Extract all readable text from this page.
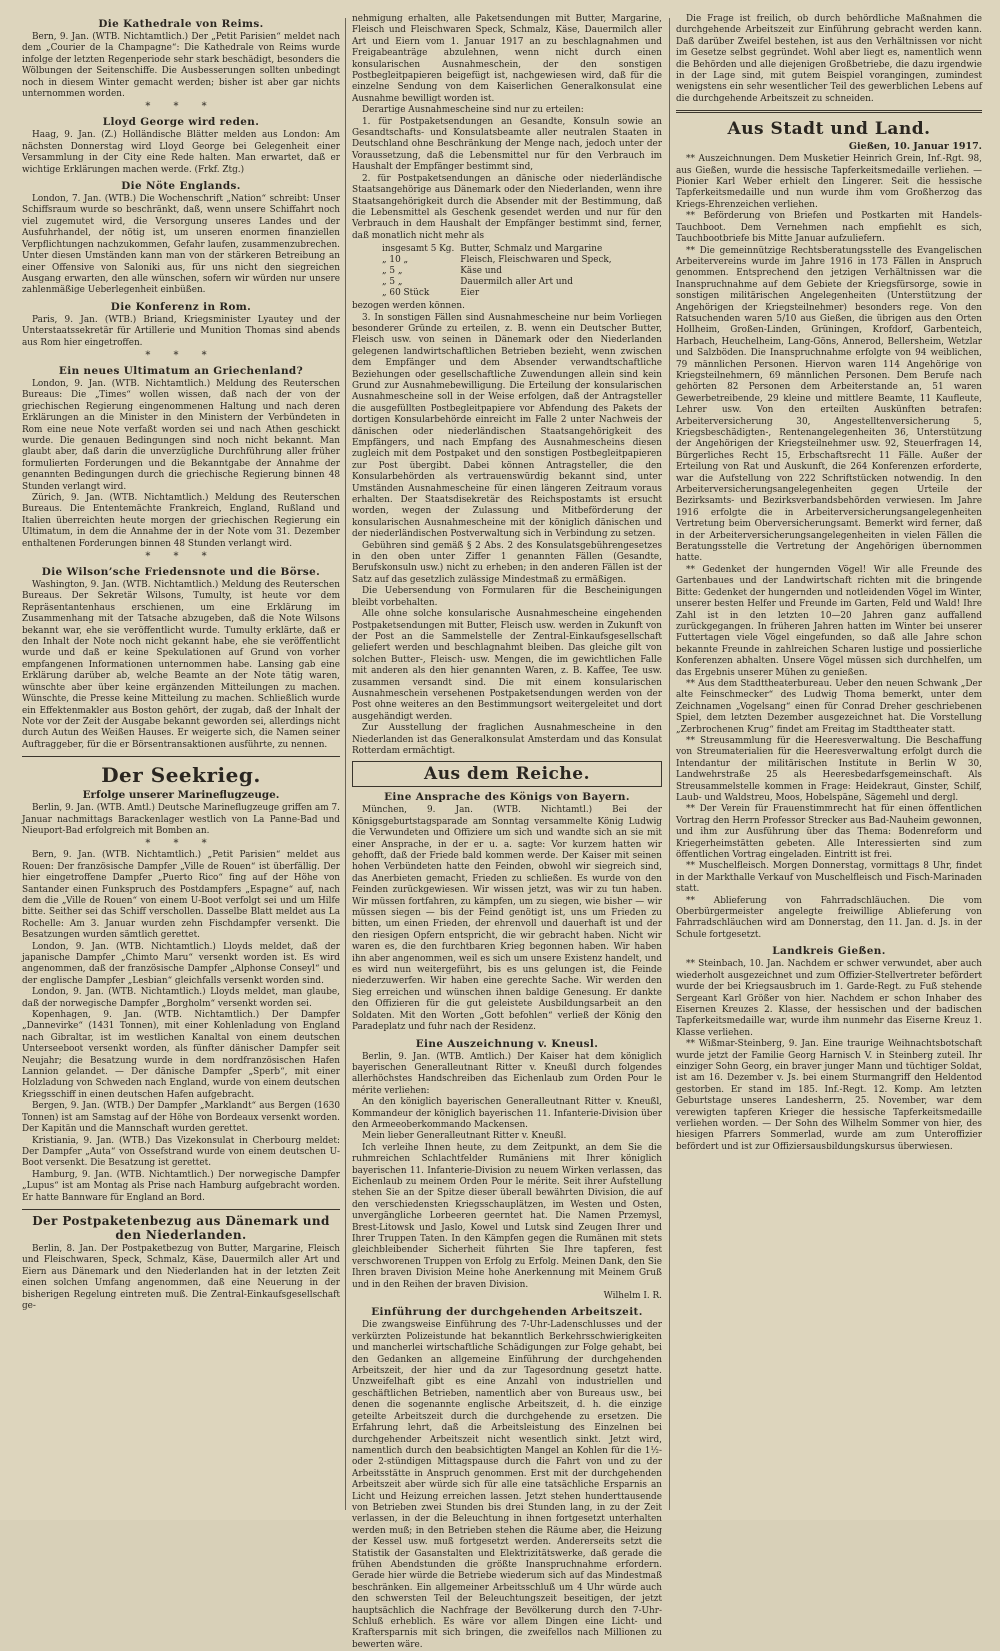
Die Kathedrale von Reims.

Bern, 9. Jan. (WTB. Nichtamtlich.) Der „Petit Parisien“ meldet nach dem „Courier de la Champagne“: Die Kathedrale von Reims wurde infolge der letzten Regenperiode sehr stark beschädigt, besonders die Wölbungen der Seitenschiffe. Die Ausbesserungen sollten unbedingt noch in diesem Winter gemacht werden; bisher ist aber gar nichts unternommen worden.

* * *
Lloyd George wird reden.

Haag, 9. Jan. (Z.) Holländische Blätter melden aus London: Am nächsten Donnerstag wird Lloyd George bei Gelegenheit einer Versammlung in der City eine Rede halten. Man erwartet, daß er wichtige Erklärungen machen werde. (Frkf. Ztg.)

Die Nöte Englands.

London, 7. Jan. (WTB.) Die Wochenschrift „Nation“ schreibt: Unser Schiffsraum wurde so beschränkt, daß, wenn unsere Schiffahrt noch viel zugemutet wird, die Versorgung unseres Landes und der Ausfuhrhandel, der nötig ist, um unseren enormen finanziellen Verpflichtungen nachzukommen, Gefahr laufen, zusammenzubrechen. Unter diesen Umständen kann man von der stärkeren Betreibung an einer Offensive von Saloniki aus, für uns nicht den siegreichen Ausgang erwarten, den alle wünschen, sofern wir würden nur unsere zahlenmäßige Ueberlegenheit einbüßen.

Die Konferenz in Rom.

Paris, 9. Jan. (WTB.) Briand, Kriegsminister Lyautey und der Unterstaatssekretär für Artillerie und Munition Thomas sind abends aus Rom hier eingetroffen.

* * *
Ein neues Ultimatum an Griechenland?

London, 9. Jan. (WTB. Nichtamtlich.) Meldung des Reuterschen Bureaus: Die „Times“ wollen wissen, daß nach der von der griechischen Regierung eingenommenen Haltung und nach deren Erklärungen an die Minister in den Ministern der Verbündeten in Rom eine neue Note verfaßt worden sei und nach Athen geschickt wurde. Die genauen Bedingungen sind noch nicht bekannt. Man glaubt aber, daß darin die unverzügliche Durchführung aller früher formulierten Forderungen und die Bekanntgabe der Annahme der genannten Bedingungen durch die griechische Regierung binnen 48 Stunden verlangt wird.

Zürich, 9. Jan. (WTB. Nichtamtlich.) Meldung des Reuterschen Bureaus. Die Ententemächte Frankreich, England, Rußland und Italien überreichten heute morgen der griechischen Regierung ein Ultimatum, in dem die Annahme der in der Note vom 31. Dezember enthaltenen Forderungen binnen 48 Stunden verlangt wird.

* * *
Die Wilson’sche Friedensnote und die Börse.

Washington, 9. Jan. (WTB. Nichtamtlich.) Meldung des Reuterschen Bureaus. Der Sekretär Wilsons, Tumulty, ist heute vor dem Repräsentantenhaus erschienen, um eine Erklärung im Zusammenhang mit der Tatsache abzugeben, daß die Note Wilsons bekannt war, ehe sie veröffentlicht wurde. Tumulty erklärte, daß er den Inhalt der Note noch nicht gekannt habe, ehe sie veröffentlicht wurde und daß er keine Spekulationen auf Grund von vorher empfangenen Informationen unternommen habe. Lansing gab eine Erklärung darüber ab, welche Beamte an der Note tätig waren, wünschte aber über keine ergänzenden Mitteilungen zu machen. Wünschte, die Presse keine Mitteilung zu machen. Schließlich wurde ein Effektenmakler aus Boston gehört, der zugab, daß der Inhalt der Note vor der Zeit der Ausgabe bekannt geworden sei, allerdings nicht durch Autun des Weißen Hauses. Er weigerte sich, die Namen seiner Auftraggeber, für die er Börsentransaktionen ausführte, zu nennen.

Der Seekrieg.
Erfolge unserer Marineflugzeuge.

Berlin, 9. Jan. (WTB. Amtl.) Deutsche Marineflugzeuge griffen am 7. Januar nachmittags Barackenlager westlich von La Panne-Bad und Nieuport-Bad erfolgreich mit Bomben an.

* * *

Bern, 9. Jan. (WTB. Nichtamtlich.) „Petit Parisien“ meldet aus Rouen: Der französische Dampfer „Ville de Rouen“ ist überfällig. Der hier eingetroffene Dampfer „Puerto Rico“ fing auf der Höhe von Santander einen Funkspruch des Postdampfers „Espagne“ auf, nach dem die „Ville de Rouen“ von einem U-Boot verfolgt sei und um Hilfe bitte. Seither sei das Schiff verschollen. Dasselbe Blatt meldet aus La Rochelle: Am 3. Januar wurden zehn Fischdampfer versenkt. Die Besatzungen wurden sämtlich gerettet.

London, 9. Jan. (WTB. Nichtamtlich.) Lloyds meldet, daß der japanische Dampfer „Chimto Maru“ versenkt worden ist. Es wird angenommen, daß der französische Dampfer „Alphonse Conseyl“ und der englische Dampfer „Lesbian“ gleichfalls versenkt worden sind.

London, 9. Jan. (WTB. Nichtamtlich.) Lloyds meldet, man glaube, daß der norwegische Dampfer „Borgholm“ versenkt worden sei.

Kopenhagen, 9. Jan. (WTB. Nichtamtlich.) Der Dampfer „Dannevirke“ (1431 Tonnen), mit einer Kohlenladung von England nach Gibraltar, ist im westlichen Kanaltal von einem deutschen Unterseeboot versenkt worden, als fünfter dänischer Dampfer seit Neujahr; die Besatzung wurde in dem nordfranzösischen Hafen Lannion gelandet. — Der dänische Dampfer „Sperb“, mit einer Holzladung von Schweden nach England, wurde von einem deutschen Kriegsschiff in einen deutschen Hafen aufgebracht.

Bergen, 9. Jan. (WTB.) Der Dampfer „Marklandt“ aus Bergen (1630 Tonnen) ist am Samstag auf der Höhe von Bordeaux versenkt worden. Der Kapitän und die Mannschaft wurden gerettet.

Kristiania, 9. Jan. (WTB.) Das Vizekonsulat in Cherbourg meldet: Der Dampfer „Auta“ von Ossefstrand wurde von einem deutschen U-Boot versenkt. Die Besatzung ist gerettet.

Hamburg, 9. Jan. (WTB. Nichtamtlich.) Der norwegische Dampfer „Lupus“ ist am Montag als Prise nach Hamburg aufgebracht worden. Er hatte Bannware für England an Bord.

Der Postpaketenbezug aus Dänemark und den Niederlanden.

Berlin, 8. Jan. Der Postpaketbezug von Butter, Margarine, Fleisch und Fleischwaren, Speck, Schmalz, Käse, Dauermilch aller Art und Eiern aus Dänemark und den Niederlanden hat in der letzten Zeit einen solchen Umfang angenommen, daß eine Neuerung in der bisherigen Regelung eintreten muß. Die Zentral-Einkaufsgesellschaft ge-

nehmigung erhalten, alle Paketsendungen mit Butter, Margarine, Fleisch und Fleischwaren Speck, Schmalz, Käse, Dauermilch aller Art und Eiern vom 1. Januar 1917 an zu beschlagnahmen und Freigabeanträge abzulehnen, wenn nicht durch einen konsularischen Ausnahmeschein, der den sonstigen Postbegleitpapieren beigefügt ist, nachgewiesen wird, daß für die einzelne Sendung von dem Kaiserlichen Generalkonsulat eine Ausnahme bewilligt worden ist.

Derartige Ausnahmescheine sind nur zu erteilen:

1. für Postpaketsendungen an Gesandte, Konsuln sowie an Gesandtschafts- und Konsulatsbeamte aller neutralen Staaten in Deutschland ohne Beschränkung der Menge nach, jedoch unter der Voraussetzung, daß die Lebensmittel nur für den Verbrauch im Haushalt der Empfänger bestimmt sind,

2. für Postpaketsendungen an dänische oder niederländische Staatsangehörige aus Dänemark oder den Niederlanden, wenn ihre Staatsangehörigkeit durch die Absender mit der Bestimmung, daß die Lebensmittel als Geschenk gesendet werden und nur für den Verbrauch in dem Haushalt der Empfänger bestimmt sind, ferner, daß monatlich nicht mehr als

insgesamt 5 Kg.	Butter, Schmalz und Margarine
„ 10 „	Fleisch, Fleischwaren und Speck,
„ 5 „	Käse und
„ 5 „	Dauermilch aller Art und
„ 60 Stück	Eier

bezogen werden können.

3. In sonstigen Fällen sind Ausnahmescheine nur beim Vorliegen besonderer Gründe zu erteilen, z. B. wenn ein Deutscher Butter, Fleisch usw. von seinen in Dänemark oder den Niederlanden gelegenen landwirtschaftlichen Betrieben bezieht, wenn zwischen dem Empfänger und dem Absender verwandtschaftliche Beziehungen oder gesellschaftliche Zuwendungen allein sind kein Grund zur Ausnahmebewilligung. Die Erteilung der konsularischen Ausnahmescheine soll in der Weise erfolgen, daß der Antragsteller die ausgefüllten Postbegleitpapiere vor Abfendung des Pakets der dortigen Konsularbehörde einreicht im Falle 2 unter Nachweis der dänischen oder niederländischen Staatsangehörigkeit des Empfängers, und nach Empfang des Ausnahmescheins diesen zugleich mit dem Postpaket und den sonstigen Postbegleitpapieren zur Post übergibt. Dabei können Antragsteller, die den Konsularbehörden als vertrauenswürdig bekannt sind, unter Umständen Ausnahmescheine für einen längeren Zeitraum voraus erhalten. Der Staatsdisekretär des Reichspostamts ist ersucht worden, wegen der Zulassung und Mitbeförderung der konsularischen Ausnahmescheine mit der königlich dänischen und der niederländischen Postverwaltung sich in Verbindung zu setzen.

Gebühren sind gemäß § 2 Abs. 2 des Konsulatsgebührengesetzes in den oben unter Ziffer 1 genannten Fällen (Gesandte, Berufskonsuln usw.) nicht zu erheben; in den anderen Fällen ist der Satz auf das gesetzlich zulässige Mindestmaß zu ermäßigen.

Die Uebersendung von Formularen für die Bescheinigungen bleibt vorbehalten.

Alle ohne solche konsularische Ausnahmescheine eingehenden Postpaketsendungen mit Butter, Fleisch usw. werden in Zukunft von der Post an die Sammelstelle der Zentral-Einkaufsgesellschaft geliefert werden und beschlagnahmt bleiben. Das gleiche gilt von solchen Butter-, Fleisch- usw. Mengen, die im gewichtlichen Falle mit anderen als den hier genannten Waren, z. B. Kaffee, Tee usw. zusammen versandt sind. Die mit einem konsularischen Ausnahmeschein versehenen Postpaketsendungen werden von der Post ohne weiteres an den Bestimmungsort weitergeleitet und dort ausgehändigt werden.

Zur Ausstellung der fraglichen Ausnahmescheine in den Niederlanden ist das Generalkonsulat Amsterdam und das Konsulat Rotterdam ermächtigt.

Aus dem Reiche.
Eine Ansprache des Königs von Bayern.

München, 9. Jan. (WTB. Nichtamtl.) Bei der Königsgeburtstagsparade am Sonntag versammelte König Ludwig die Verwundeten und Offiziere um sich und wandte sich an sie mit einer Ansprache, in der er u. a. sagte: Vor kurzem hatten wir gehofft, daß der Friede bald kommen werde. Der Kaiser mit seinen hohen Verbündeten hatte den Feinden, obwohl wir siegreich sind, das Anerbieten gemacht, Frieden zu schließen. Es wurde von den Feinden zurückgewiesen. Wir wissen jetzt, was wir zu tun haben. Wir müssen fortfahren, zu kämpfen, um zu siegen, wie bisher — wir müssen siegen — bis der Feind genötigt ist, uns um Frieden zu bitten, um einen Frieden, der ehrenvoll und dauerhaft ist und der den riesigen Opfern entspricht, die wir gebracht haben. Nicht wir waren es, die den furchtbaren Krieg begonnen haben. Wir haben ihn aber angenommen, weil es sich um unsere Existenz handelt, und es wird nun weitergeführt, bis es uns gelungen ist, die Feinde niederzuwerfen. Wir haben eine gerechte Sache. Wir werden den Sieg erreichen und wünschen ihnen baldige Genesung. Er dankte den Offizieren für die gut geleistete Ausbildungsarbeit an den Soldaten. Mit den Worten „Gott befohlen“ verließ der König den Paradeplatz und fuhr nach der Residenz.

Eine Auszeichnung v. Kneusl.

Berlin, 9. Jan. (WTB. Amtlich.) Der Kaiser hat dem königlich bayerischen Generalleutnant Ritter v. Kneußl durch folgendes allerhöchstes Handschreiben das Eichenlaub zum Orden Pour le mérite verliehen:

An den königlich bayerischen Generalleutnant Ritter v. Kneußl, Kommandeur der königlich bayerischen 11. Infanterie-Division über den Armeeoberkommando Mackensen.

Mein lieber Generalleutnant Ritter v. Kneußl.

Ich verleihe Ihnen heute, zu dem Zeitpunkt, an dem Sie die ruhmreichen Schlachtfelder Rumäniens mit Ihrer königlich bayerischen 11. Infanterie-Division zu neuem Wirken verlassen, das Eichenlaub zu meinem Orden Pour le mérite. Seit ihrer Aufstellung stehen Sie an der Spitze dieser überall bewährten Division, die auf den verschiedensten Kriegsschauplätzen, im Westen und Osten, unvergängliche Lorbeeren geerntet hat. Die Namen Przemysl, Brest-Litowsk und Jaslo, Kowel und Lutsk sind Zeugen Ihrer und Ihrer Truppen Taten. In den Kämpfen gegen die Rumänen mit stets gleichbleibender Sicherheit führten Sie Ihre tapferen, fest verschworenen Truppen von Erfolg zu Erfolg. Meinen Dank, den Sie Ihren braven Division Meine hohe Anerkennung mit Meinem Gruß und in den Reihen der braven Division.

Wilhelm I. R.

Einführung der durchgehenden Arbeitszeit.

Die zwangsweise Einführung des 7-Uhr-Ladenschlusses und der verkürzten Polizeistunde hat bekanntlich Berkehrsschwierigkeiten und mancherlei wirtschaftliche Schädigungen zur Folge gehabt, bei den Gedanken an allgemeine Einführung der durchgehenden Arbeitszeit, der hier und da zur Tagesordnung gesetzt hatte. Unzweifelhaft gibt es eine Anzahl von industriellen und geschäftlichen Betrieben, namentlich aber von Bureaus usw., bei denen die sogenannte englische Arbeitszeit, d. h. die einzige geteilte Arbeitszeit durch die durchgehende zu ersetzen. Die Erfahrung lehrt, daß die Arbeitsleistung des Einzelnen bei durchgehender Arbeitszeit nicht wesentlich sinkt. Jetzt wird, namentlich durch den beabsichtigten Mangel an Kohlen für die 1½- oder 2-stündigen Mittagspause durch die Fahrt von und zu der Arbeitsstätte in Anspruch genommen. Erst mit der durchgehenden Arbeitszeit aber würde sich für alle eine tatsächliche Ersparnis an Licht und Heizung erreichen lassen. Jetzt stehen hunderttausende von Betrieben zwei Stunden bis drei Stunden lang, in zu der Zeit verlassen, in der die Beleuchtung in ihnen fortgesetzt unterhalten werden muß; in den Betrieben stehen die Räume aber, die Heizung der Kessel usw. muß fortgesetzt werden. Andererseits setzt die Statistik der Gasanstalten und Elektrizitätswerke, daß gerade die frühen Abendstunden die größte Inanspruchnahme erfordern. Gerade hier würde die Betriebe wiederum sich auf das Mindestmaß beschränken. Ein allgemeiner Arbeitsschluß um 4 Uhr würde auch den schwersten Teil der Beleuchtungszeit beseitigen, der jetzt hauptsächlich die Nachfrage der Bevölkerung durch den 7-Uhr-Schluß erheblich. Es wäre vor allem Dingen eine Licht- und Kraftersparnis mit sich bringen, die zweifellos nach Millionen zu bewerten wäre.

Die Frage ist freilich, ob durch behördliche Maßnahmen die durchgehende Arbeitszeit zur Einführung gebracht werden kann. Daß darüber Zweifel bestehen, ist aus den Verhältnissen vor nicht im Gesetze selbst gegründet. Wohl aber liegt es, namentlich wenn die Behörden und alle diejenigen Großbetriebe, die dazu irgendwie in der Lage sind, mit gutem Beispiel vorangingen, zumindest wenigstens ein sehr wesentlicher Teil des gewerblichen Lebens auf die durchgehende Arbeitszeit zu schneiden.

Aus Stadt und Land.
Gießen, 10. Januar 1917.

** Auszeichnungen. Dem Musketier Heinrich Grein, Inf.-Rgt. 98, aus Gießen, wurde die hessische Tapferkeitsmedaille verliehen. — Pionier Karl Weber erhielt den Lingerer. Seit die hessische Tapferkeitsmedaille und nun wurde ihm vom Großherzog das Kriegs-Ehrenzeichen verliehen.

** Beförderung von Briefen und Postkarten mit Handels-Tauchboot. Dem Vernehmen nach empfiehlt es sich, Tauchbootbriefe bis Mitte Januar aufzuliefern.

** Die gemeinnützige Rechtsberatungsstelle des Evangelischen Arbeitervereins wurde im Jahre 1916 in 173 Fällen in Anspruch genommen. Entsprechend den jetzigen Verhältnissen war die Inanspruchnahme auf dem Gebiete der Kriegsfürsorge, sowie in sonstigen militärischen Angelegenheiten (Unterstützung der Angehörigen der Kriegsteilnehmer) besonders rege. Von den Ratsuchenden waren 5/10 aus Gießen, die übrigen aus den Orten Hollheim, Großen-Linden, Grüningen, Krofdorf, Garbenteich, Harbach, Heuchelheim, Lang-Göns, Annerod, Bellersheim, Wetzlar und Salzböden. Die Inanspruchnahme erfolgte von 94 weiblichen, 79 männlichen Personen. Hiervon waren 114 Angehörige von Kriegsteilnehmern, 69 männlichen Personen. Dem Berufe nach gehörten 82 Personen dem Arbeiterstande an, 51 waren Gewerbetreibende, 29 kleine und mittlere Beamte, 11 Kaufleute, Lehrer usw. Von den erteilten Auskünften betrafen: Arbeiterversicherung 30, Angestelltenversicherung 5, Kriegsbeschädigten-, Rentenangelegenheiten 36, Unterstützung der Angehörigen der Kriegsteilnehmer usw. 92, Steuerfragen 14, Bürgerliches Recht 15, Erbschaftsrecht 11 Fälle. Außer der Erteilung von Rat und Auskunft, die 264 Konferenzen erforderte, war die Aufstellung von 222 Schriftstücken notwendig. In den Arbeiterversicherungsangelegenheiten gegen Urteile der Bezirksamts- und Bezirksverbandsbehörden verwiesen. Im Jahre 1916 erfolgte die in Arbeiterversicherungsangelegenheiten Vertretung beim Oberversicherungsamt. Bemerkt wird ferner, daß in der Arbeiterversicherungsangelegenheiten in vielen Fällen die Beratungsstelle die Vertretung der Angehörigen übernommen hatte.

** Gedenket der hungernden Vögel! Wir alle Freunde des Gartenbaues und der Landwirtschaft richten mit die bringende Bitte: Gedenket der hungernden und notleidenden Vögel im Winter, unserer besten Helfer und Freunde im Garten, Feld und Wald! Ihre Zahl ist in den letzten 10—20 Jahren ganz auffallend zurückgegangen. In früheren Jahren hatten im Winter bei unserer Futtertagen viele Vögel eingefunden, so daß alle Jahre schon bekannte Freunde in zahlreichen Scharen lustige und possierliche Konferenzen abhalten. Unsere Vögel müssen sich durchhelfen, um das Ergebnis unserer Mühen zu genießen.

** Aus dem Stadttheaterbureau. Ueber den neuen Schwank „Der alte Feinschmecker“ des Ludwig Thoma bemerkt, unter dem Zeichnamen „Vogelsang“ einen für Conrad Dreher geschriebenen Spiel, dem letzten Dezember ausgezeichnet hat. Die Vorstellung „Zerbrochenen Krug“ findet am Freitag im Stadttheater statt.

** Streusammlung für die Heeresverwaltung. Die Beschaffung von Streumaterialien für die Heeresverwaltung erfolgt durch die Intendantur der militärischen Institute in Berlin W 30, Landwehrstraße 25 als Heeresbedarfsgemeinschaft. Als Streusammelstelle kommen in Frage: Heidekraut, Ginster, Schilf, Laub- und Waldstreu, Moos, Hobelspäne, Sägemehl und dergl.

** Der Verein für Frauenstimmrecht hat für einen öffentlichen Vortrag den Herrn Professor Strecker aus Bad-Nauheim gewonnen, und ihm zur Ausführung über das Thema: Bodenreform und Kriegerheimstätten gebeten. Alle Interessierten sind zum öffentlichen Vortrag eingeladen. Eintritt ist frei.

** Muschelfleisch. Morgen Donnerstag, vormittags 8 Uhr, findet in der Markthalle Verkauf von Muschelfleisch und Fisch-Marinaden statt.

** Ablieferung von Fahrradschläuchen. Die vom Oberbürgermeister angelegte freiwillige Ablieferung von Fahrradschläuchen wird am Donnerstag, den 11. Jan. d. Js. in der Schule fortgesetzt.

Landkreis Gießen.

** Steinbach, 10. Jan. Nachdem er schwer verwundet, aber auch wiederholt ausgezeichnet und zum Offizier-Stellvertreter befördert wurde der bei Kriegsausbruch im 1. Garde-Regt. zu Fuß stehende Sergeant Karl Größer von hier. Nachdem er schon Inhaber des Eisernen Kreuzes 2. Klasse, der hessischen und der badischen Tapferkeitsmedaille war, wurde ihm nunmehr das Eiserne Kreuz 1. Klasse verliehen.

** Wißmar-Steinberg, 9. Jan. Eine traurige Weihnachtsbotschaft wurde jetzt der Familie Georg Harnisch V. in Steinberg zuteil. Ihr einziger Sohn Georg, ein braver junger Mann und tüchtiger Soldat, ist am 16. Dezember v. Js. bei einem Sturmangriff den Heldentod gestorben. Er stand im 185. Inf.-Regt. 12. Komp. Am letzten Geburtstage unseres Landesherrn, 25. November, war dem verewigten tapferen Krieger die hessische Tapferkeitsmedaille verliehen worden. — Der Sohn des Wilhelm Sommer von hier, des hiesigen Pfarrers Sommerlad, wurde am zum Unteroffizier befördert und ist zur Offiziersausbildungskursus überwiesen.
